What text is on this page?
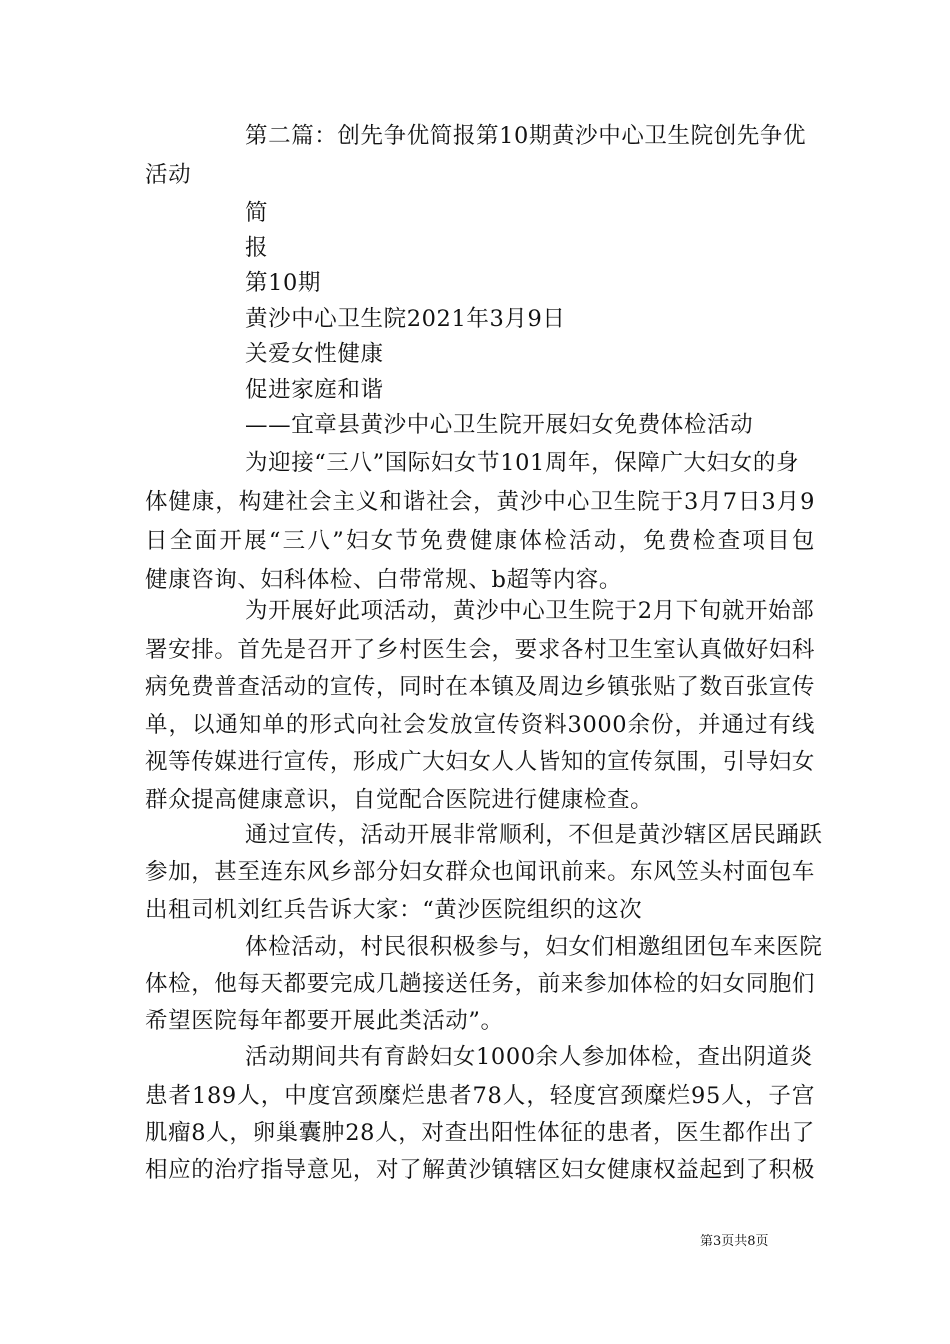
第二篇：创先争优简报第10期黄沙中心卫生院创先争优
活动
简
报
第10期
黄沙中心卫生院2021年3月9日
关爱女性健康
促进家庭和谐
——宜章县黄沙中心卫生院开展妇女免费体检活动
为迎接“三八”国际妇女节101周年，保障广大妇女的身
体健康，构建社会主义和谐社会，黄沙中心卫生院于3月7日3月9
日全面开展“三八”妇女节免费健康体检活动，免费检查项目包
健康咨询、妇科体检、白带常规、b超等内容。
为开展好此项活动，黄沙中心卫生院于2月下旬就开始部
署安排。首先是召开了乡村医生会，要求各村卫生室认真做好妇科
病免费普查活动的宣传，同时在本镇及周边乡镇张贴了数百张宣传
单，以通知单的形式向社会发放宣传资料3000余份，并通过有线
视等传媒进行宣传，形成广大妇女人人皆知的宣传氛围，引导妇女
群众提高健康意识，自觉配合医院进行健康检查。
通过宣传，活动开展非常顺利，不但是黄沙辖区居民踊跃
参加，甚至连东风乡部分妇女群众也闻讯前来。东风笠头村面包车
出租司机刘红兵告诉大家：“黄沙医院组织的这次
体检活动，村民很积极参与，妇女们相邀组团包车来医院
体检，他每天都要完成几趟接送任务，前来参加体检的妇女同胞们
希望医院每年都要开展此类活动”。
活动期间共有育龄妇女1000余人参加体检，查出阴道炎
患者189人，中度宫颈糜烂患者78人，轻度宫颈糜烂95人，子宫
肌瘤8人，卵巢囊肿28人，对查出阳性体征的患者，医生都作出了
相应的治疗指导意见，对了解黄沙镇辖区妇女健康权益起到了积极
第3页共8页
